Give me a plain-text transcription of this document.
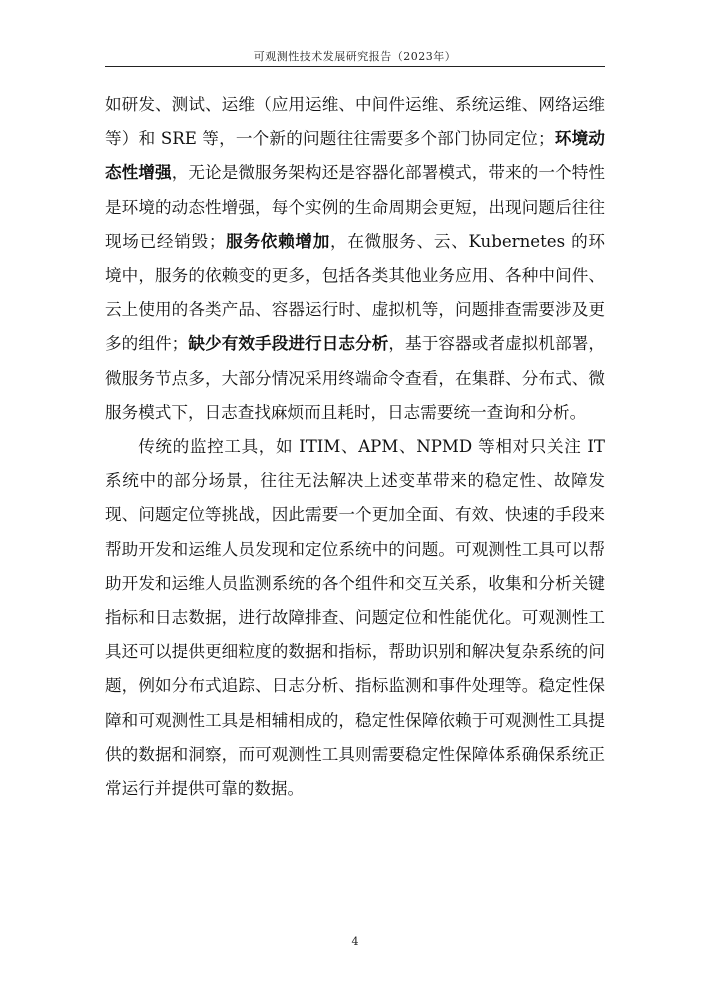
可观测性技术发展研究报告（2023年）

如研发、测试、运维（应用运维、中间件运维、系统运维、网络运维等）和 SRE 等，一个新的问题往往需要多个部门协同定位；环境动态性增强，无论是微服务架构还是容器化部署模式，带来的一个特性是环境的动态性增强，每个实例的生命周期会更短，出现问题后往往现场已经销毁；服务依赖增加，在微服务、云、Kubernetes 的环境中，服务的依赖变的更多，包括各类其他业务应用、各种中间件、云上使用的各类产品、容器运行时、虚拟机等，问题排查需要涉及更多的组件；缺少有效手段进行日志分析，基于容器或者虚拟机部署，微服务节点多，大部分情况采用终端命令查看，在集群、分布式、微服务模式下，日志查找麻烦而且耗时，日志需要统一查询和分析。

传统的监控工具，如 ITIM、APM、NPMD 等相对只关注 IT 系统中的部分场景，往往无法解决上述变革带来的稳定性、故障发现、问题定位等挑战，因此需要一个更加全面、有效、快速的手段来帮助开发和运维人员发现和定位系统中的问题。可观测性工具可以帮助开发和运维人员监测系统的各个组件和交互关系，收集和分析关键指标和日志数据，进行故障排查、问题定位和性能优化。可观测性工具还可以提供更细粒度的数据和指标，帮助识别和解决复杂系统的问题，例如分布式追踪、日志分析、指标监测和事件处理等。稳定性保障和可观测性工具是相辅相成的，稳定性保障依赖于可观测性工具提供的数据和洞察，而可观测性工具则需要稳定性保障体系确保系统正常运行并提供可靠的数据。

4
